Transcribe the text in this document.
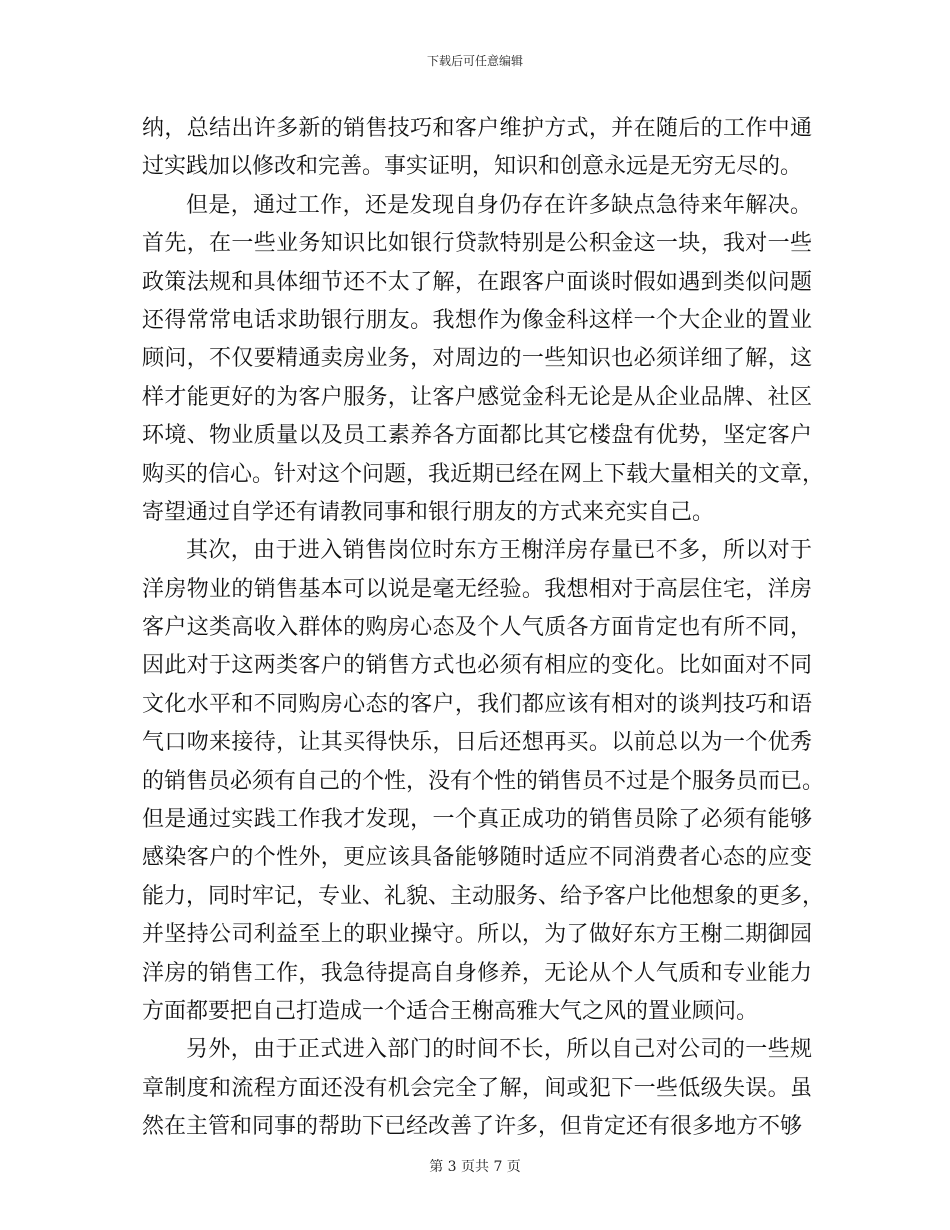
下载后可任意编辑
纳，总结出许多新的销售技巧和客户维护方式，并在随后的工作中通
过实践加以修改和完善。事实证明，知识和创意永远是无穷无尽的。
但是，通过工作，还是发现自身仍存在许多缺点急待来年解决。
首先，在一些业务知识比如银行贷款特别是公积金这一块，我对一些
政策法规和具体细节还不太了解，在跟客户面谈时假如遇到类似问题
还得常常电话求助银行朋友。我想作为像金科这样一个大企业的置业
顾问，不仅要精通卖房业务，对周边的一些知识也必须详细了解，这
样才能更好的为客户服务，让客户感觉金科无论是从企业品牌、社区
环境、物业质量以及员工素养各方面都比其它楼盘有优势，坚定客户
购买的信心。针对这个问题，我近期已经在网上下载大量相关的文章，
寄望通过自学还有请教同事和银行朋友的方式来充实自己。
其次，由于进入销售岗位时东方王榭洋房存量已不多，所以对于
洋房物业的销售基本可以说是毫无经验。我想相对于高层住宅，洋房
客户这类高收入群体的购房心态及个人气质各方面肯定也有所不同，
因此对于这两类客户的销售方式也必须有相应的变化。比如面对不同
文化水平和不同购房心态的客户，我们都应该有相对的谈判技巧和语
气口吻来接待，让其买得快乐，日后还想再买。以前总以为一个优秀
的销售员必须有自己的个性，没有个性的销售员不过是个服务员而已。
但是通过实践工作我才发现，一个真正成功的销售员除了必须有能够
感染客户的个性外，更应该具备能够随时适应不同消费者心态的应变
能力，同时牢记，专业、礼貌、主动服务、给予客户比他想象的更多，
并坚持公司利益至上的职业操守。所以，为了做好东方王榭二期御园
洋房的销售工作，我急待提高自身修养，无论从个人气质和专业能力
方面都要把自己打造成一个适合王榭高雅大气之风的置业顾问。
另外，由于正式进入部门的时间不长，所以自己对公司的一些规
章制度和流程方面还没有机会完全了解，间或犯下一些低级失误。虽
然在主管和同事的帮助下已经改善了许多，但肯定还有很多地方不够
第 3 页共 7 页
